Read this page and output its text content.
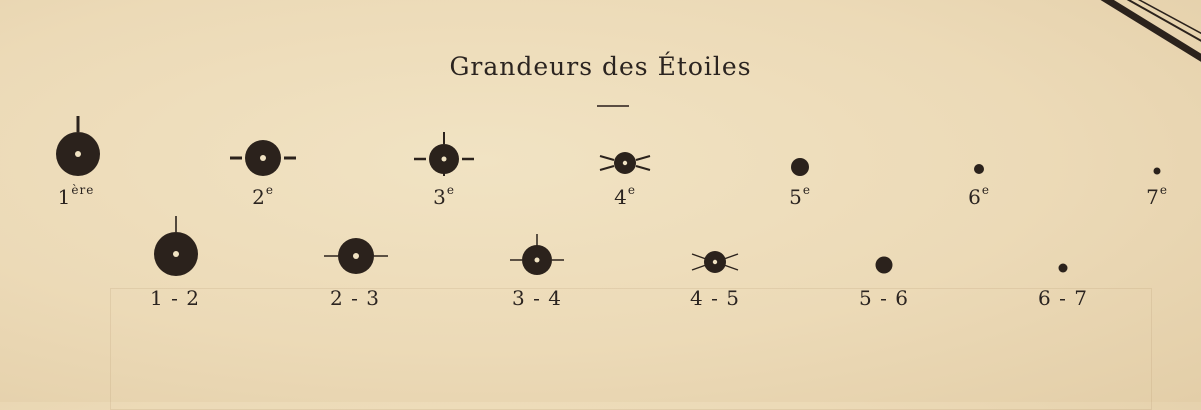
Grandeurs des Étoiles
1ère	2e	3e	4e	5e	6e	7e
1 - 2	2 - 3	3 - 4	4 - 5	5 - 6	6 - 7
